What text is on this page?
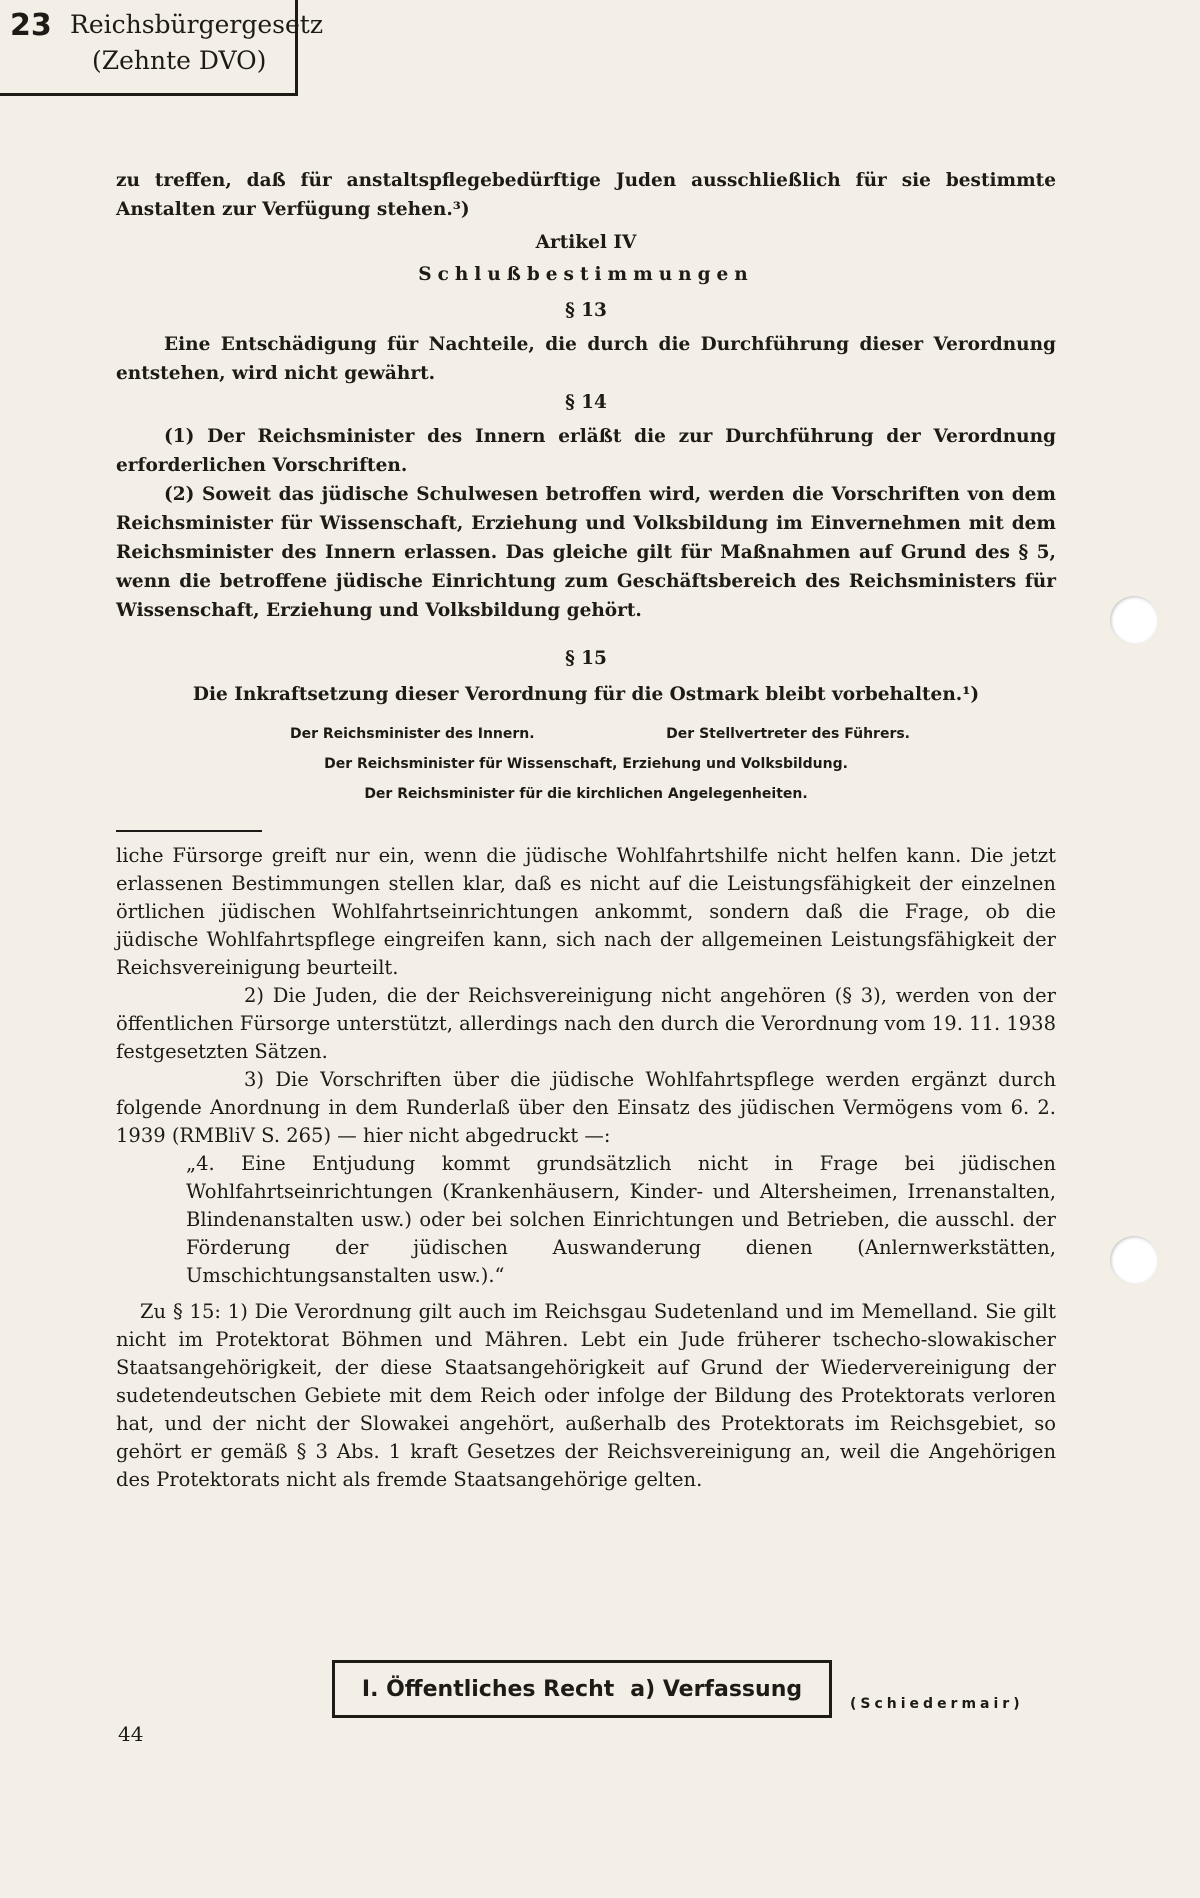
23 Reichsbürgergesetz
(Zehnte DVO)

zu treffen, daß für anstaltspflegebedürftige Juden ausschließlich für sie bestimmte Anstalten zur Verfügung stehen.³)

Artikel IV
Schlußbestimmungen
§ 13

Eine Entschädigung für Nachteile, die durch die Durchführung dieser Verordnung entstehen, wird nicht gewährt.

§ 14

(1) Der Reichsminister des Innern erläßt die zur Durchführung der Verordnung erforderlichen Vorschriften.

(2) Soweit das jüdische Schulwesen betroffen wird, werden die Vorschriften von dem Reichsminister für Wissenschaft, Erziehung und Volksbildung im Einvernehmen mit dem Reichsminister des Innern erlassen. Das gleiche gilt für Maßnahmen auf Grund des § 5, wenn die betroffene jüdische Einrichtung zum Geschäftsbereich des Reichsministers für Wissenschaft, Erziehung und Volksbildung gehört.

§ 15
Die Inkraftsetzung dieser Verordnung für die Ostmark bleibt vorbehalten.¹)
Der Reichsminister des Innern.	Der Stellvertreter des Führers.
Der Reichsminister für Wissenschaft, Erziehung und Volksbildung.
Der Reichsminister für die kirchlichen Angelegenheiten.

liche Fürsorge greift nur ein, wenn die jüdische Wohlfahrtshilfe nicht helfen kann. Die jetzt erlassenen Bestimmungen stellen klar, daß es nicht auf die Leistungsfähigkeit der einzelnen örtlichen jüdischen Wohlfahrtseinrichtungen ankommt, sondern daß die Frage, ob die jüdische Wohlfahrtspflege eingreifen kann, sich nach der allgemeinen Leistungsfähigkeit der Reichsvereinigung beurteilt.

2) Die Juden, die der Reichsvereinigung nicht angehören (§ 3), werden von der öffentlichen Fürsorge unterstützt, allerdings nach den durch die Verordnung vom 19. 11. 1938 festgesetzten Sätzen.

3) Die Vorschriften über die jüdische Wohlfahrtspflege werden ergänzt durch folgende Anordnung in dem Runderlaß über den Einsatz des jüdischen Vermögens vom 6. 2. 1939 (RMBliV S. 265) — hier nicht abgedruckt —:

„4. Eine Entjudung kommt grundsätzlich nicht in Frage bei jüdischen Wohlfahrtseinrichtungen (Krankenhäusern, Kinder- und Altersheimen, Irrenanstalten, Blindenanstalten usw.) oder bei solchen Einrichtungen und Betrieben, die ausschl. der Förderung der jüdischen Auswanderung dienen (Anlernwerkstätten, Umschichtungsanstalten usw.).“

Zu § 15: 1) Die Verordnung gilt auch im Reichsgau Sudetenland und im Memelland. Sie gilt nicht im Protektorat Böhmen und Mähren. Lebt ein Jude früherer tschecho-slowakischer Staatsangehörigkeit, der diese Staatsangehörigkeit auf Grund der Wiedervereinigung der sudetendeutschen Gebiete mit dem Reich oder infolge der Bildung des Protektorats verloren hat, und der nicht der Slowakei angehört, außerhalb des Protektorats im Reichsgebiet, so gehört er gemäß § 3 Abs. 1 kraft Gesetzes der Reichsvereinigung an, weil die Angehörigen des Protektorats nicht als fremde Staatsangehörige gelten.

(Schiedermair)
I. Öffentliches Recht a) Verfassung
44
